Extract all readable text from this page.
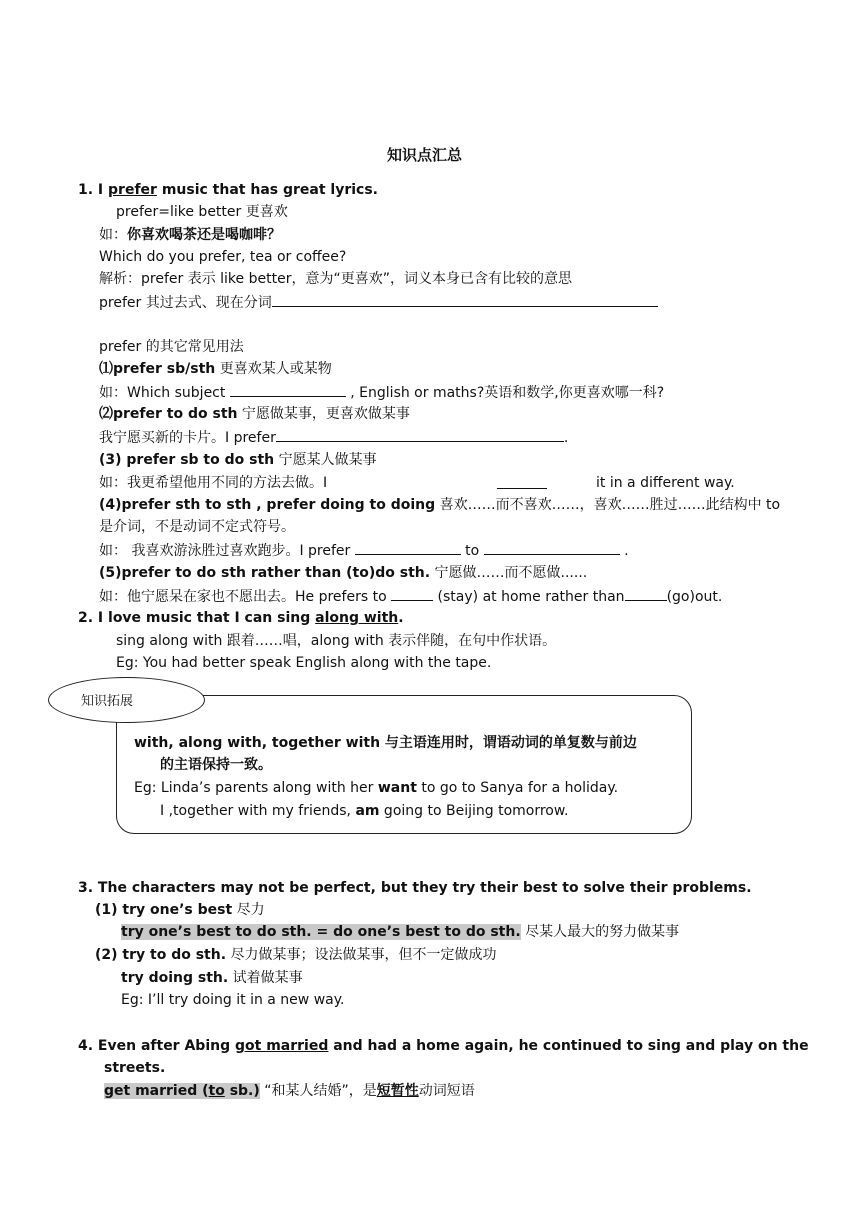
知识点汇总
1. I prefer music that has great lyrics.
prefer=like better 更喜欢
如：你喜欢喝茶还是喝咖啡？
Which do you prefer, tea or coffee?
解析：prefer 表示 like better，意为“更喜欢”，词义本身已含有比较的意思
prefer 其过去式、现在分词
prefer 的其它常见用法
⑴prefer sb/sth 更喜欢某人或某物
如：Which subject	, English or maths?英语和数学,你更喜欢哪一科?
⑵prefer to do sth 宁愿做某事，更喜欢做某事
我宁愿买新的卡片。I prefer	.
(3) prefer sb to do sth 宁愿某人做某事
如：我更希望他用不同的方法去做。I	it in a different way.
(4)prefer sth to sth , prefer doing to doing 喜欢……而不喜欢……，喜欢……胜过……此结构中 to
是介词，不是动词不定式符号。
如： 我喜欢游泳胜过喜欢跑步。I prefer	to	.
(5)prefer to do sth rather than (to)do sth. 宁愿做……而不愿做......
如：他宁愿呆在家也不愿出去。He prefers to	(stay) at home rather than	(go)out.
2. I love music that I can sing along with.
sing along with 跟着……唱，along with 表示伴随，在句中作状语。
Eg: You had better speak English along with the tape.
知识拓展
with, along with, together with 与主语连用时，谓语动词的单复数与前边
的主语保持一致。
Eg: Linda’s parents along with her want to go to Sanya for a holiday.
I ,together with my friends, am going to Beijing tomorrow.
3. The characters may not be perfect, but they try their best to solve their problems.
(1) try one’s best 尽力
try one’s best to do sth. = do one’s best to do sth. 尽某人最大的努力做某事
(2) try to do sth. 尽力做某事；设法做某事，但不一定做成功
try doing sth. 试着做某事
Eg: I’ll try doing it in a new way.
4. Even after Abing got married and had a home again, he continued to sing and play on the
streets.
get married (to sb.) “和某人结婚”，是短暂性动词短语
